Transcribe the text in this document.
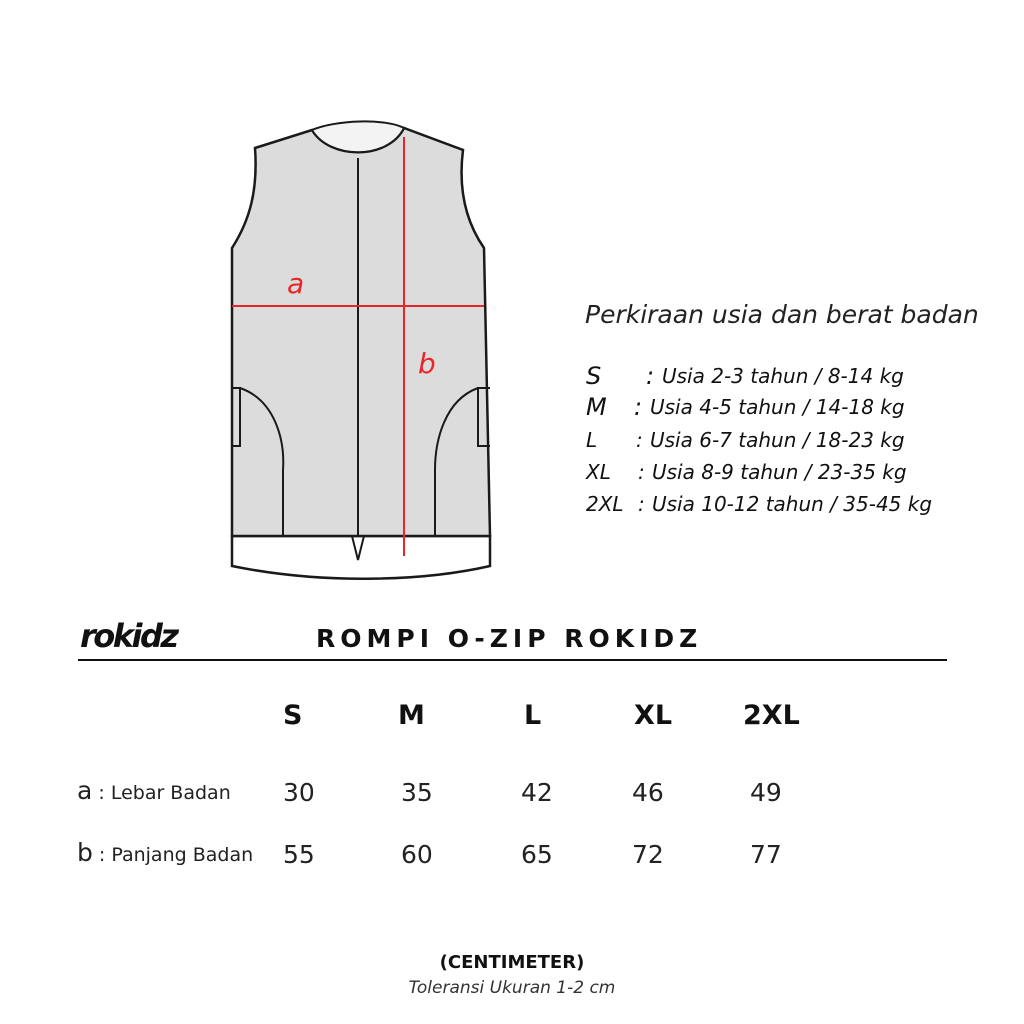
a
b
Perkiraan usia dan berat badan
S : Usia 2-3 tahun / 8-14 kg
M : Usia 4-5 tahun / 14-18 kg
L : Usia 6-7 tahun / 18-23 kg
XL : Usia 8-9 tahun / 23-35 kg
2XL : Usia 10-12 tahun / 35-45 kg
rokidz	ROMPI O-ZIP ROKIDZ
S	M	L	XL	2XL
a : Lebar Badan 30	35	42	46	49
b : Panjang Badan 55	60	65	72	77
(CENTIMETER)
Toleransi Ukuran 1-2 cm
